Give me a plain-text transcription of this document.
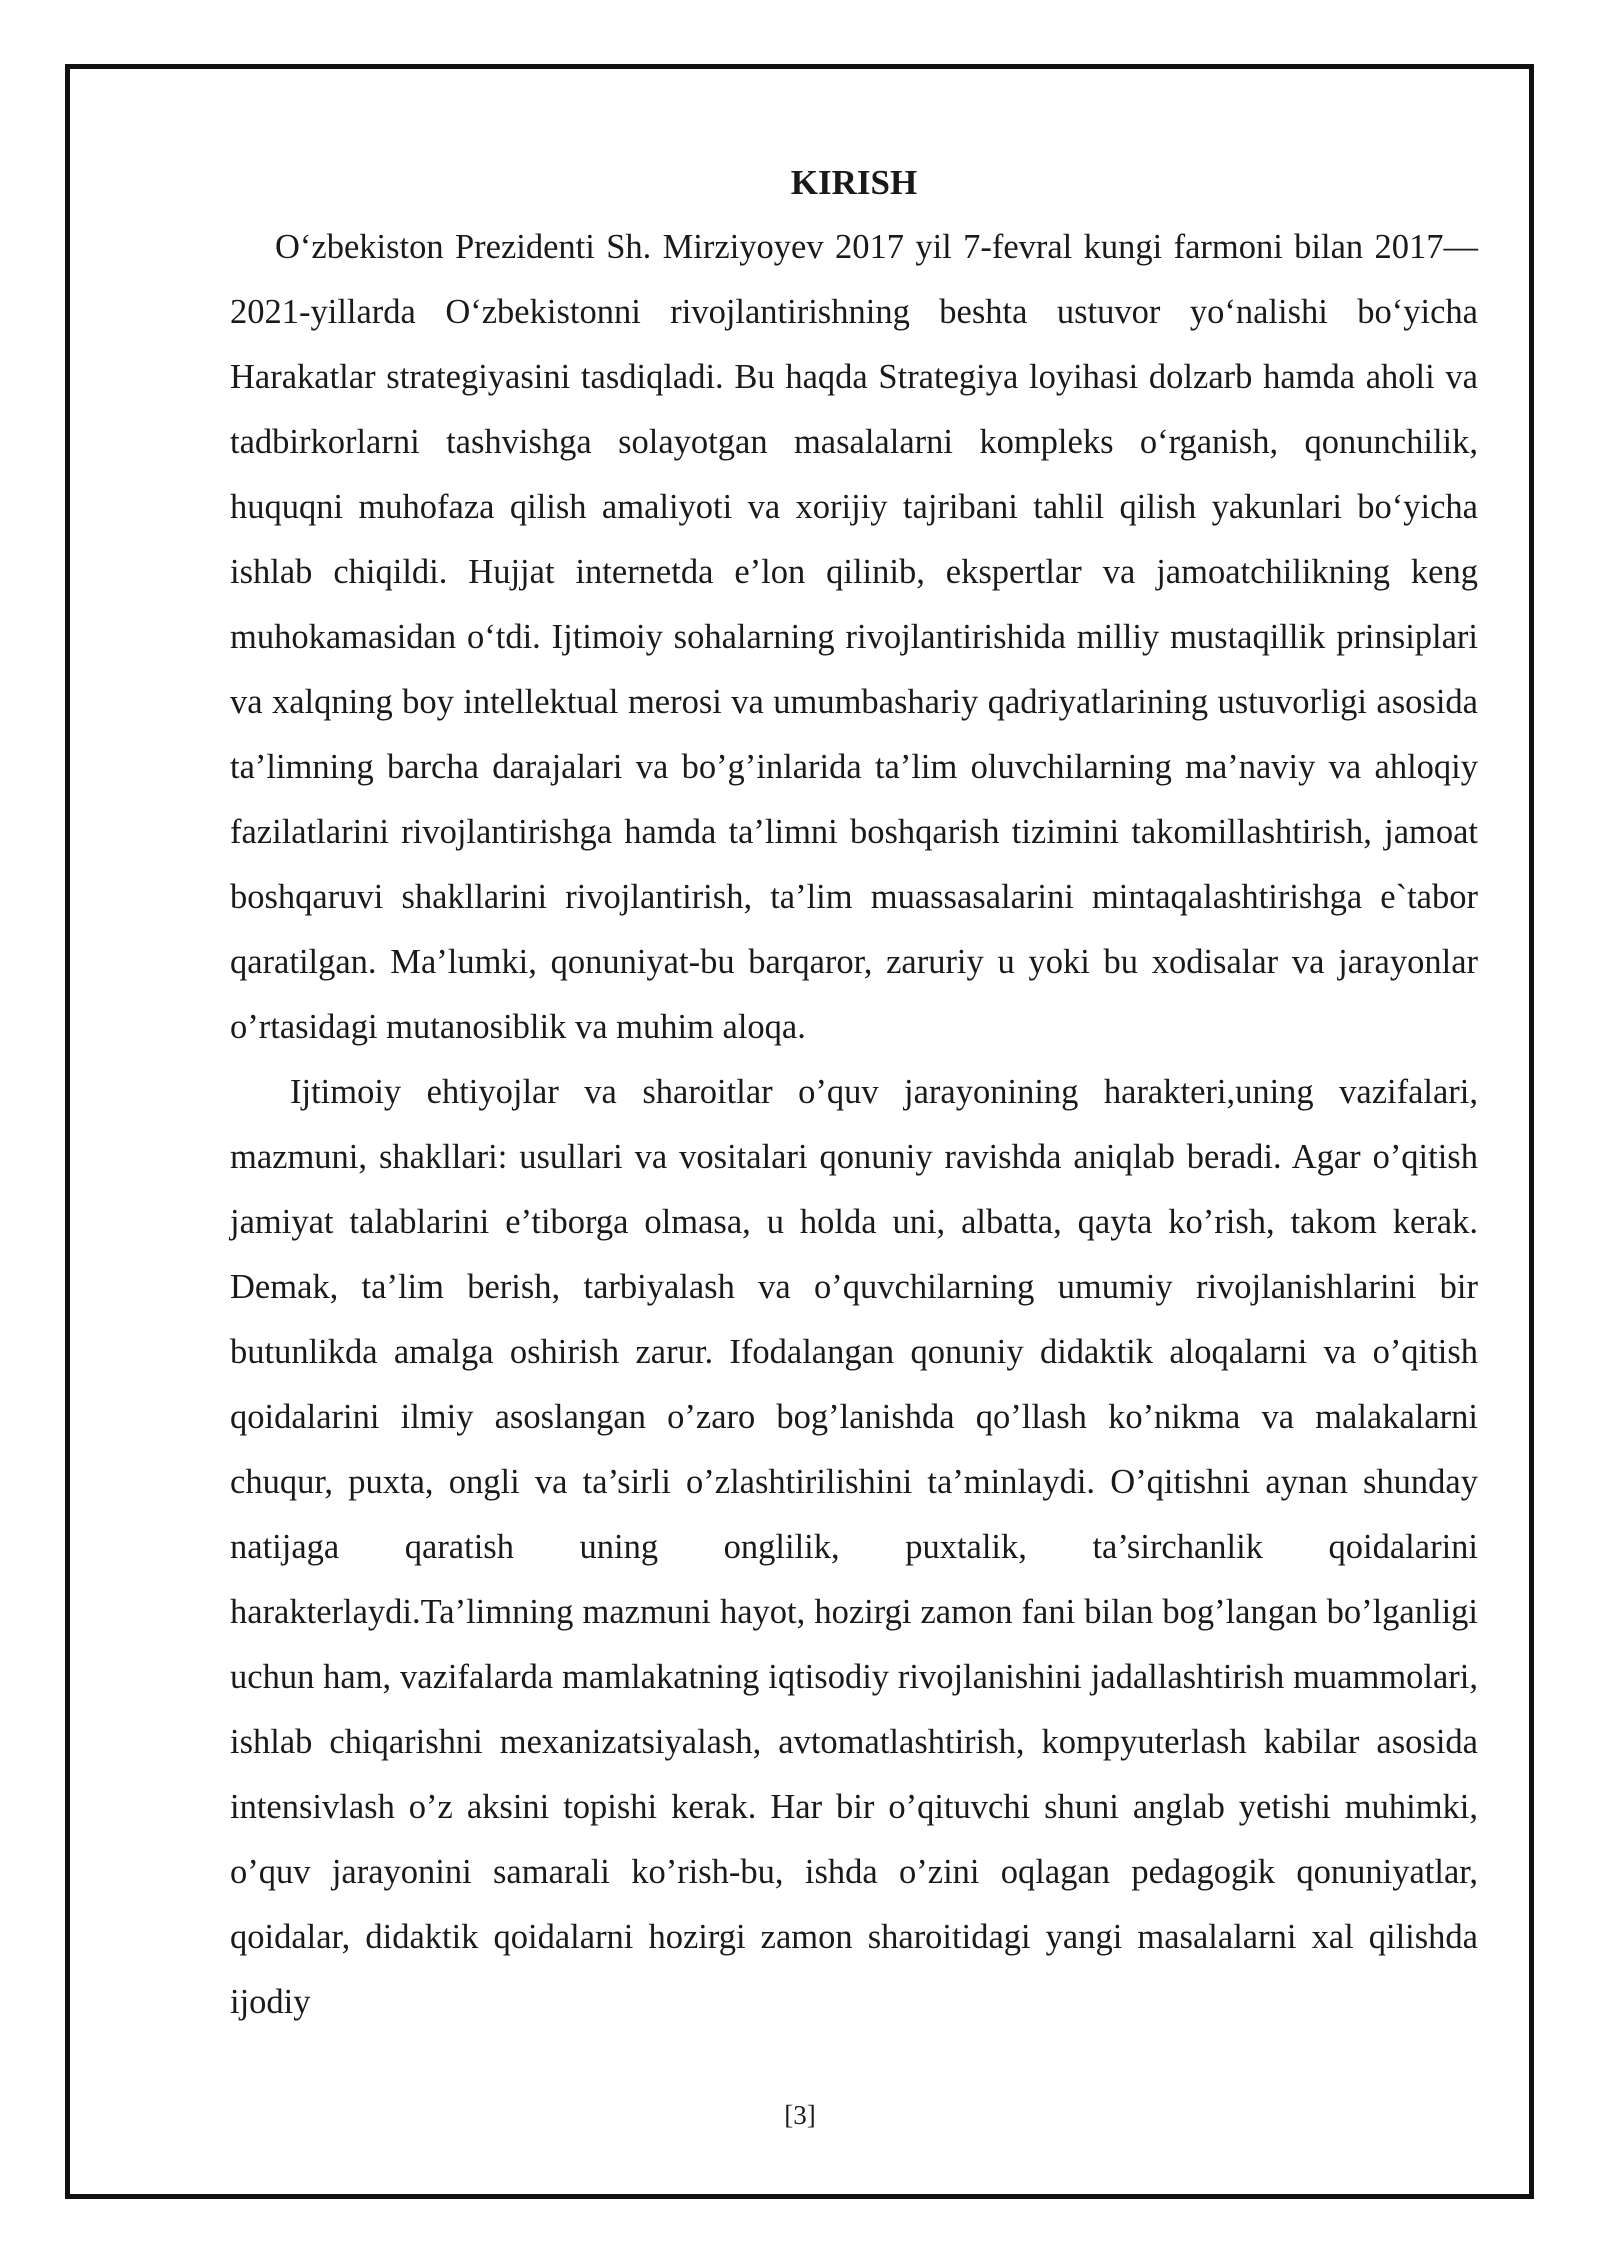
KIRISH

O‘zbekiston Prezidenti Sh. Mirziyoyev 2017 yil 7-fevral kungi farmoni bilan 2017—2021-yillarda O‘zbekistonni rivojlantirishning beshta ustuvor yo‘nalishi bo‘yicha Harakatlar strategiyasini tasdiqladi. Bu haqda Strategiya loyihasi dolzarb hamda aholi va tadbirkorlarni tashvishga solayotgan masalalarni kompleks o‘rganish, qonunchilik, huquqni muhofaza qilish amaliyoti va xorijiy tajribani tahlil qilish yakunlari bo‘yicha ishlab chiqildi. Hujjat internetda e’lon qilinib, ekspertlar va jamoatchilikning keng muhokamasidan o‘tdi. Ijtimoiy sohalarning rivojlantirishida milliy mustaqillik prinsiplari va xalqning boy intellektual merosi va umumbashariy qadriyatlarining ustuvorligi asosida ta’limning barcha darajalari va bo’g’inlarida ta’lim oluvchilarning ma’naviy va ahloqiy fazilatlarini rivojlantirishga hamda ta’limni boshqarish tizimini takomillashtirish, jamoat boshqaruvi shakllarini rivojlantirish, ta’lim muassasalarini mintaqalashtirishga e`tabor qaratilgan. Ma’lumki, qonuniyat-bu barqaror, zaruriy u yoki bu xodisalar va jarayonlar o’rtasidagi mutanosiblik va muhim aloqa.

Ijtimoiy ehtiyojlar va sharoitlar o’quv jarayonining harakteri,uning vazifalari, mazmuni, shakllari: usullari va vositalari qonuniy ravishda aniqlab beradi. Agar o’qitish jamiyat talablarini e’tiborga olmasa, u holda uni, albatta, qayta ko’rish, takom kerak. Demak, ta’lim berish, tarbiyalash va o’quvchilarning umumiy rivojlanishlarini bir butunlikda amalga oshirish zarur. Ifodalangan qonuniy didaktik aloqalarni va o’qitish qoidalarini ilmiy asoslangan o’zaro bog’lanishda qo’llash ko’nikma va malakalarni chuqur, puxta, ongli va ta’sirli o’zlashtirilishini ta’minlaydi. O’qitishni aynan shunday natijaga qaratish uning onglilik, puxtalik, ta’sirchanlik qoidalarini harakterlaydi.Ta’limning mazmuni hayot, hozirgi zamon fani bilan bog’langan bo’lganligi uchun ham, vazifalarda mamlakatning iqtisodiy rivojlanishini jadallashtirish muammolari, ishlab chiqarishni mexanizatsiyalash, avtomatlashtirish, kompyuterlash kabilar asosida intensivlash o’z aksini topishi kerak. Har bir o’qituvchi shuni anglab yetishi muhimki, o’quv jarayonini samarali ko’rish-bu, ishda o’zini oqlagan pedagogik qonuniyatlar, qoidalar, didaktik qoidalarni hozirgi zamon sharoitidagi yangi masalalarni xal qilishda ijodiy

[3]
